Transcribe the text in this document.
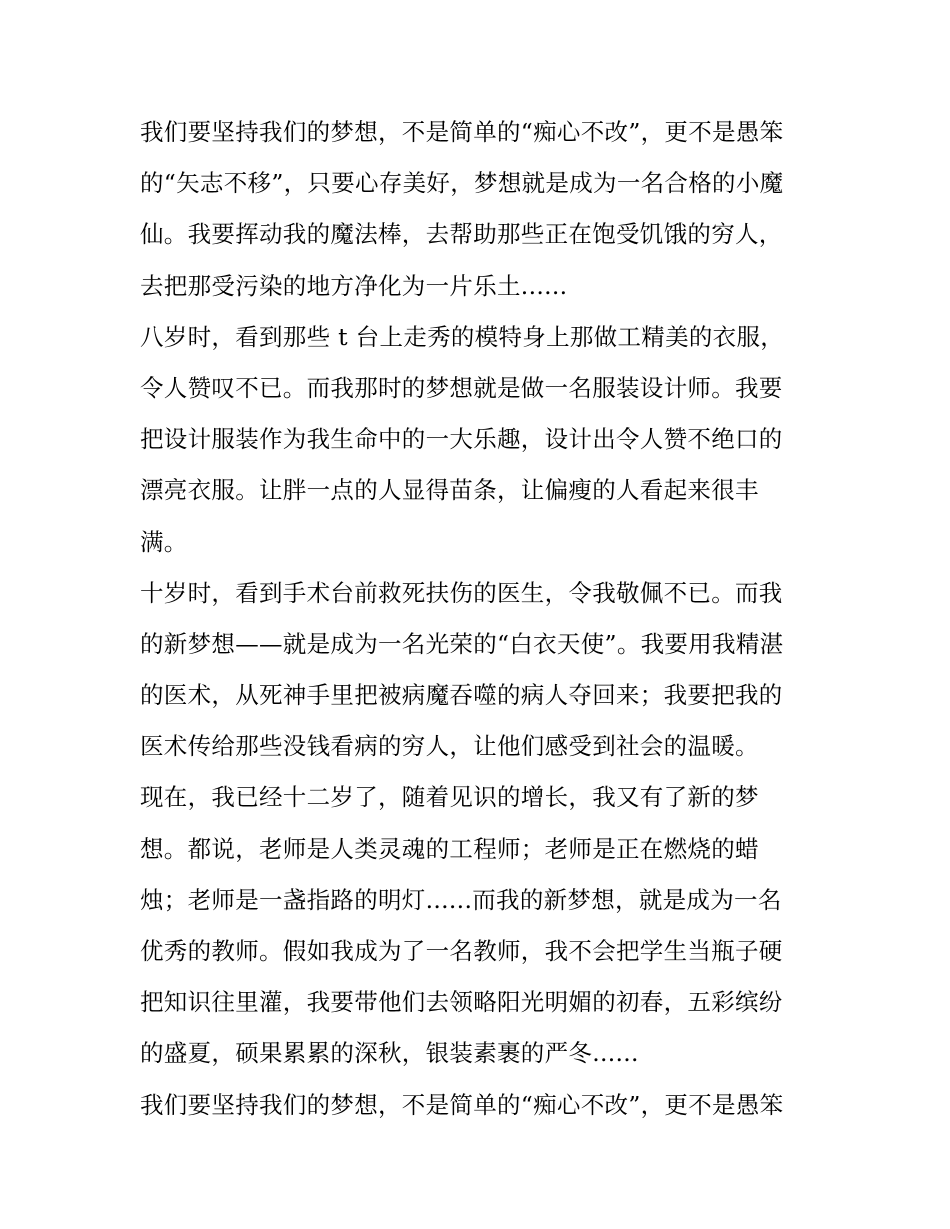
我们要坚持我们的梦想，不是简单的“痴心不改”，更不是愚笨
的“矢志不移”，只要心存美好，梦想就是成为一名合格的小魔
仙。我要挥动我的魔法棒，去帮助那些正在饱受饥饿的穷人，
去把那受污染的地方净化为一片乐土......
八岁时，看到那些 t 台上走秀的模特身上那做工精美的衣服，
令人赞叹不已。而我那时的梦想就是做一名服装设计师。我要
把设计服装作为我生命中的一大乐趣，设计出令人赞不绝口的
漂亮衣服。让胖一点的人显得苗条，让偏瘦的人看起来很丰
满。
十岁时，看到手术台前救死扶伤的医生，令我敬佩不已。而我
的新梦想——就是成为一名光荣的“白衣天使”。我要用我精湛
的医术，从死神手里把被病魔吞噬的病人夺回来；我要把我的
医术传给那些没钱看病的穷人，让他们感受到社会的温暖。
现在，我已经十二岁了，随着见识的增长，我又有了新的梦
想。都说，老师是人类灵魂的工程师；老师是正在燃烧的蜡
烛；老师是一盏指路的明灯......而我的新梦想，就是成为一名
优秀的教师。假如我成为了一名教师，我不会把学生当瓶子硬
把知识往里灌，我要带他们去领略阳光明媚的初春，五彩缤纷
的盛夏，硕果累累的深秋，银装素裹的严冬......
我们要坚持我们的梦想，不是简单的“痴心不改”，更不是愚笨
